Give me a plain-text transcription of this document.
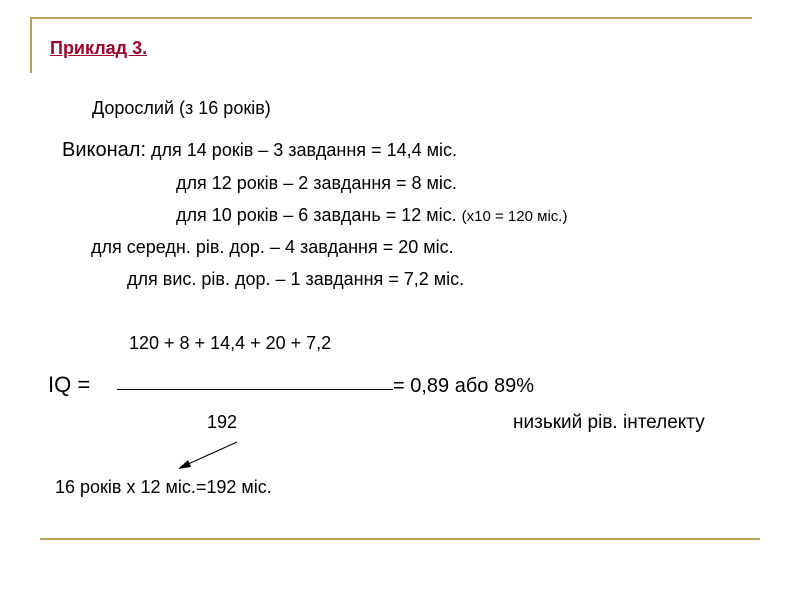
Приклад 3.
Дорослий (з 16 років)
Виконал: для 14 років – 3 завдання = 14,4 міс.
для 12 років – 2 завдання = 8 міс.
для 10 років – 6 завдань = 12 міс. (х10 = 120 міс.)
для середн. рів. дор. – 4 завдання = 20 міс.
для вис. рів. дор. – 1 завдання = 7,2 міс.
120 + 8 + 14,4 + 20 + 7,2
IQ =	= 0,89 або 89%
192	низький рів. інтелекту
16 років х 12 міс.=192 міс.
